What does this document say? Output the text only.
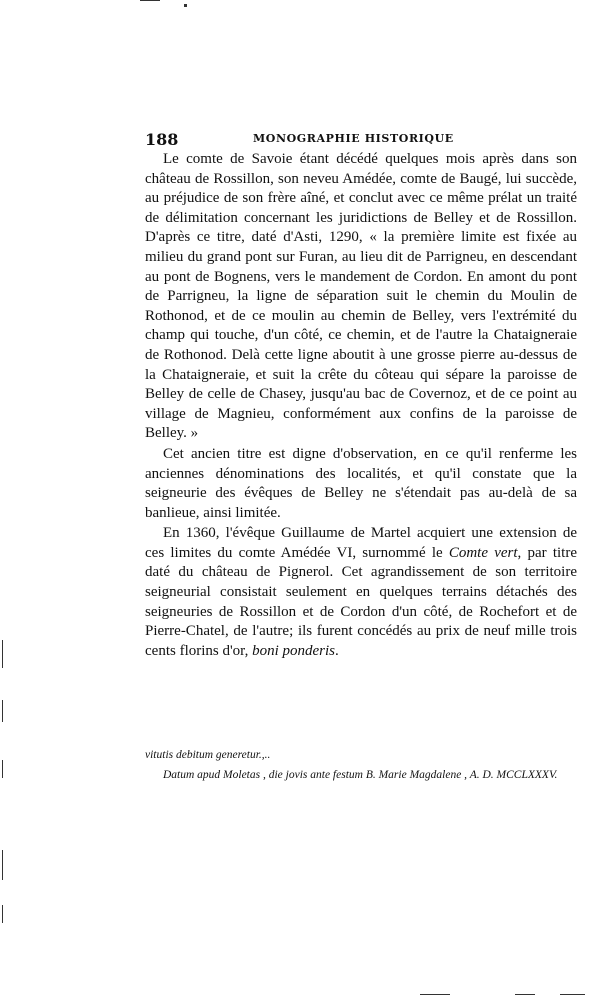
188	MONOGRAPHIE HISTORIQUE

Le comte de Savoie étant décédé quelques mois après dans son château de Rossillon, son neveu Amédée, comte de Baugé, lui succède, au préjudice de son frère aîné, et conclut avec ce même prélat un traité de délimitation concernant les juridictions de Belley et de Rossillon. D'après ce titre, daté d'Asti, 1290, « la première limite est fixée au milieu du grand pont sur Furan, au lieu dit de Parrigneu, en descendant au pont de Bognens, vers le mandement de Cordon. En amont du pont de Parrigneu, la ligne de séparation suit le chemin du Moulin de Rothonod, et de ce moulin au chemin de Belley, vers l'extrémité du champ qui touche, d'un côté, ce chemin, et de l'autre la Chataigneraie de Rothonod. Delà cette ligne aboutit à une grosse pierre au-dessus de la Chataigneraie, et suit la crête du côteau qui sépare la paroisse de Belley de celle de Chasey, jusqu'au bac de Covernoz, et de ce point au village de Magnieu, conformément aux confins de la paroisse de Belley. »

Cet ancien titre est digne d'observation, en ce qu'il renferme les anciennes dénominations des localités, et qu'il constate que la seigneurie des évêques de Belley ne s'étendait pas au-delà de sa banlieue, ainsi limitée.

En 1360, l'évêque Guillaume de Martel acquiert une extension de ces limites du comte Amédée VI, surnommé le Comte vert, par titre daté du château de Pignerol. Cet agrandissement de son territoire seigneurial consistait seulement en quelques terrains détachés des seigneuries de Rossillon et de Cordon d'un côté, de Rochefort et de Pierre-Chatel, de l'autre; ils furent concédés au prix de neuf mille trois cents florins d'or, boni ponderis.

vitutis debitum generetur.,..

Datum apud Moletas , die jovis ante festum B. Marie Magdalene , A. D. MCCLXXXV.
